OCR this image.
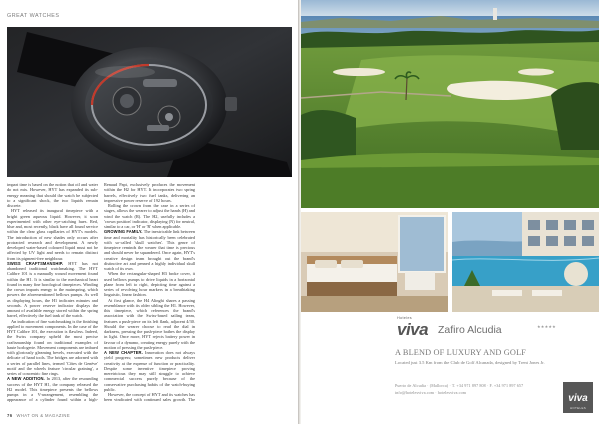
GREAT WATCHES

impart time is based on the notion that oil and water do not mix. However, HYT has expanded its sub-energy meaning that should the watch be subjected to a significant shock, the two liquids remain discrete.

HYT released its inaugural timepiece with a bright green aqueous liquid. However, it soon experimented with other eye-catching hues. Red, blue and, most recently, black have all found service within the clear glass capillaries of HYT's models. The introduction of new shades only occurs after protracted research and development. A newly developed water-based coloured liquid must not be affected by UV light and needs to remain distinct from its pigment-free neighbour.

SWISS CRAFTSMANSHIP. HYT has not abandoned traditional watchmaking. The HYT Calibre 101 is a manually wound movement found within the H1. It is similar to the mechanical heart found in many fine horological timepieces. Winding the crown imparts energy to the mainspring, which powers the aforementioned bellows pumps. As well as displaying hours, the H1 indicates minutes and seconds. A power reserve indicator displays the amount of available energy stored within the spring barrel, effectively the fuel tank of the watch.

An indication of fine watchmaking is the finishing applied to movement components. In the case of the HYT Calibre 101, the execution is flawless. Indeed, the Swiss company upheld the most precise craftsmanship found on traditional examples of haute horlogerie. Movement components are imbued with gloriously gleaming bevels, executed with the delicate of hand tools. The bridges are adorned with a series of parallel lines, termed 'Côtes de Genève' motif and the wheels feature 'circular graining', a series of concentric fine rings.

A NEW ADDITION. In 2013, after the resounding success of the HYT H1, the company released the H2 model. This timepiece presents the bellows pumps in a V-arrangement, resembling the appearance of a cylinder found within a high-

Renaud Papi, exclusively produces the movement within the H2 for HYT. It incorporates two spring barrels, effectively two fuel tanks, delivering an impressive power reserve of 192 hours.

Rolling the crown from the case in a series of stages, allows the wearer to adjust the hands (H) and wind the watch (R). The H2, usefully includes a 'crown position' indicator, displaying (N) for neutral, similar to a car, or 'H' or 'R' when applicable.

GROWING FAMILY. The inextricable link between time and mortality has historically been celebrated with so-called 'skull watches'. This genre of timepiece reminds the wearer that time is precious and should never be squandered. Once again, HYT's creative design team brought out the brand's distinctive art and penned a highly individual skull watch of its own.

When the rectangular-shaped H3 broke cover, it used bellows pumps to drive liquids in a horizontal plane from left to right, depicting time against a series of revolving hour markers in a breathtaking linguistic, linear fashion.

At first glance, the H4 Alinghi shares a passing resemblance with its older sibling the H1. However, this timepiece, which references the brand's association with the Swiss-based sailing team, features a push-piece on its left flank, adjacent 4/30. Should the wearer choose to read the dial in darkness, pressing the push-piece bathes the display in light. Once more, HYT rejects battery power in favour of a dynamo, creating energy purely with the motion of pressing the push-piece.

A NEW CHAPTER. Innovation does not always yield progress; sometimes new products deliver creativity at the expense of function or practicality. Despite some inventive timepiece proving meretricious they may still struggle to achieve commercial success purely because of the conservative purchasing habits of the watch-buying public.

However, the concept of HYT and its watches has been vindicated with continued sales growth. The

76 WHAT ON & MAGAZINE
Hoteles
viva Zafiro Alcudia	★★★★★
A BLEND OF LUXURY AND GOLF
Located just 3.5 Km from the Club de Golf Alcanada, designed by Trent Jones Jr.
Puerto de Alcudia · (Mallorca) · T. +34 971 897 808 · F. +34 971 897 657
info@hotelesviva.com · hotelesviva.com
viva
HOTELES
